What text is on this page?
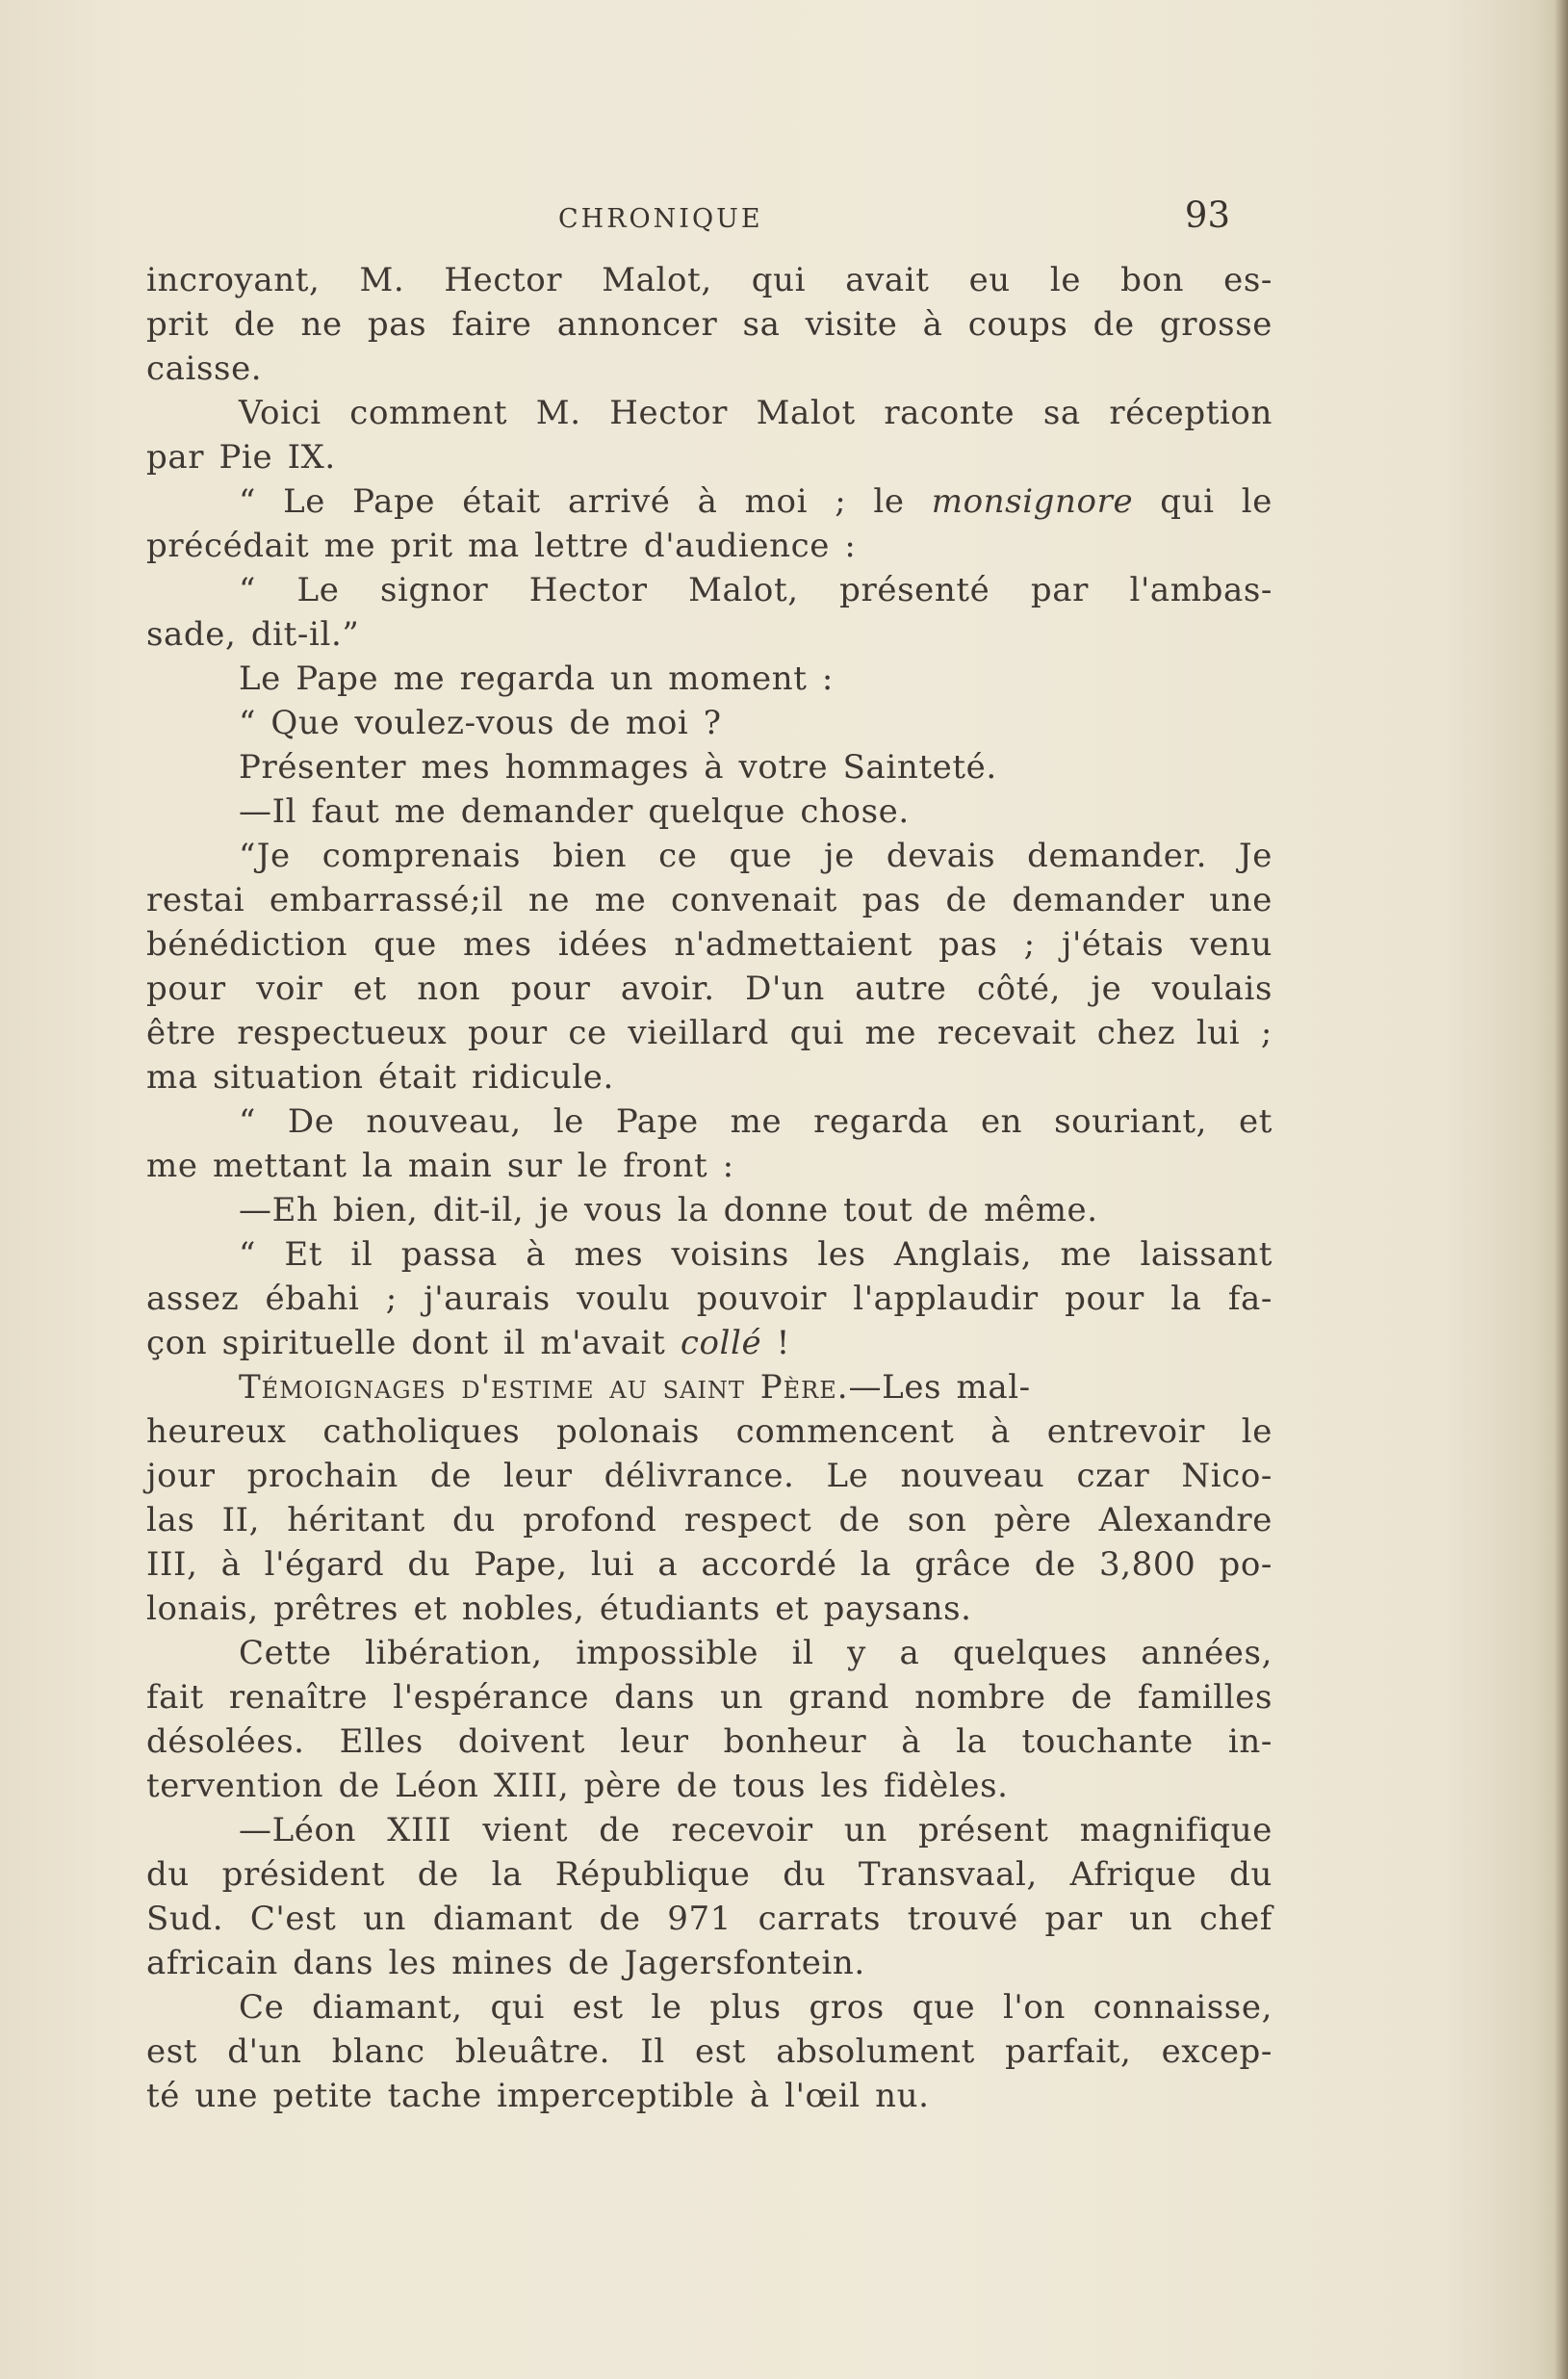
CHRONIQUE	93
incroyant, M. Hector Malot, qui avait eu le bon es-
prit de ne pas faire annoncer sa visite à coups de grosse
caisse.
Voici comment M. Hector Malot raconte sa réception
par Pie IX.
“ Le Pape était arrivé à moi ; le monsignore qui le
précédait me prit ma lettre d'audience :
“ Le signor Hector Malot, présenté par l'ambas-
sade, dit-il.”
Le Pape me regarda un moment :
“ Que voulez-vous de moi ?
Présenter mes hommages à votre Sainteté.
—Il faut me demander quelque chose.
“Je comprenais bien ce que je devais demander. Je
restai embarrassé;il ne me convenait pas de demander une
bénédiction que mes idées n'admettaient pas ; j'étais venu
pour voir et non pour avoir. D'un autre côté, je voulais
être respectueux pour ce vieillard qui me recevait chez lui ;
ma situation était ridicule.
“ De nouveau, le Pape me regarda en souriant, et
me mettant la main sur le front :
—Eh bien, dit-il, je vous la donne tout de même.
“ Et il passa à mes voisins les Anglais, me laissant
assez ébahi ; j'aurais voulu pouvoir l'applaudir pour la fa-
çon spirituelle dont il m'avait collé !
Témoignages d'estime au saint Père.—Les mal-
heureux catholiques polonais commencent à entrevoir le
jour prochain de leur délivrance. Le nouveau czar Nico-
las II, héritant du profond respect de son père Alexandre
III, à l'égard du Pape, lui a accordé la grâce de 3,800 po-
lonais, prêtres et nobles, étudiants et paysans.
Cette libération, impossible il y a quelques années,
fait renaître l'espérance dans un grand nombre de familles
désolées. Elles doivent leur bonheur à la touchante in-
tervention de Léon XIII, père de tous les fidèles.
—Léon XIII vient de recevoir un présent magnifique
du président de la République du Transvaal, Afrique du
Sud. C'est un diamant de 971 carrats trouvé par un chef
africain dans les mines de Jagersfontein.
Ce diamant, qui est le plus gros que l'on connaisse,
est d'un blanc bleuâtre. Il est absolument parfait, excep-
té une petite tache imperceptible à l'œil nu.
